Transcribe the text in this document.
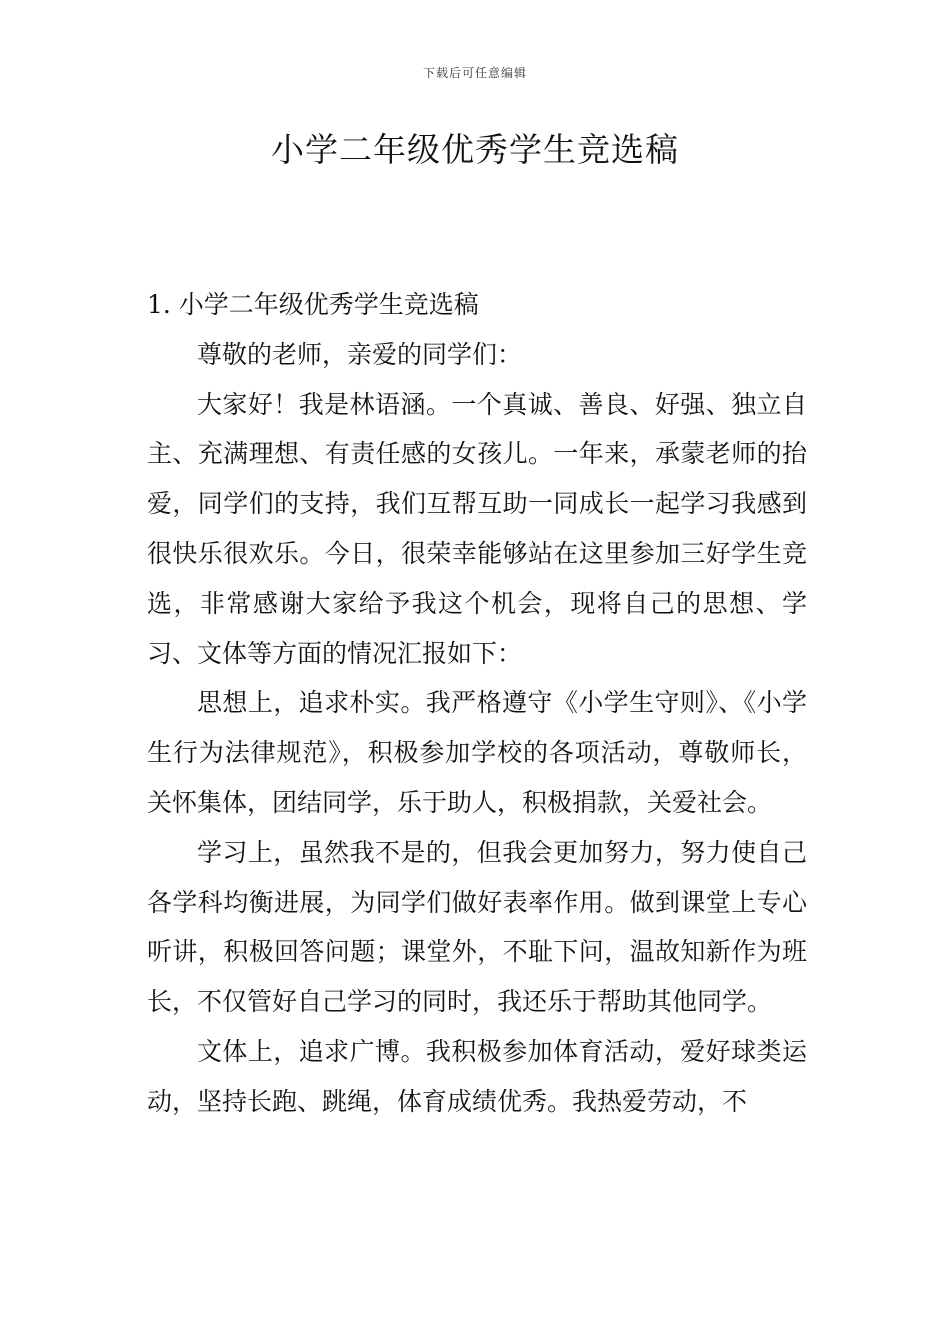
下载后可任意编辑
小学二年级优秀学生竞选稿

1. 小学二年级优秀学生竞选稿

尊敬的老师，亲爱的同学们：

大家好！我是林语涵。一个真诚、善良、好强、独立自主、充满理想、有责任感的女孩儿。一年来，承蒙老师的抬爱，同学们的支持，我们互帮互助一同成长一起学习我感到很快乐很欢乐。今日，很荣幸能够站在这里参加三好学生竞选，非常感谢大家给予我这个机会，现将自己的思想、学习、文体等方面的情况汇报如下：

思想上，追求朴实。我严格遵守《小学生守则》、《小学生行为法律规范》，积极参加学校的各项活动，尊敬师长，关怀集体，团结同学，乐于助人，积极捐款，关爱社会。

学习上，虽然我不是的，但我会更加努力，努力使自己各学科均衡进展，为同学们做好表率作用。做到课堂上专心听讲，积极回答问题；课堂外，不耻下问，温故知新作为班长，不仅管好自己学习的同时，我还乐于帮助其他同学。

文体上，追求广博。我积极参加体育活动，爱好球类运动，坚持长跑、跳绳，体育成绩优秀。我热爱劳动，不
